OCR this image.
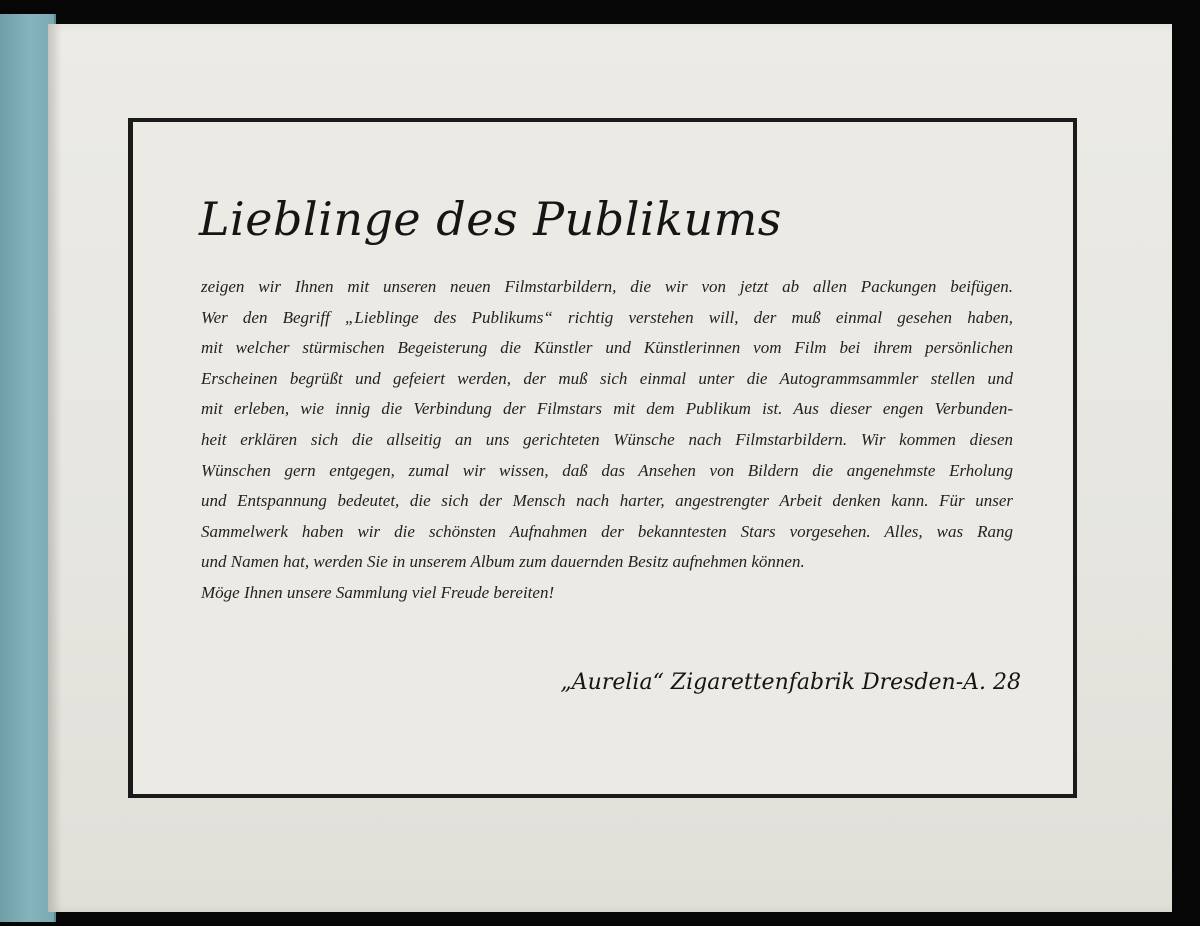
Lieblinge des Publikums
zeigen wir Ihnen mit unseren neuen Filmstarbildern, die wir von jetzt ab allen Packungen beifügen.
Wer den Begriff „Lieblinge des Publikums“ richtig verstehen will, der muß einmal gesehen haben,
mit welcher stürmischen Begeisterung die Künstler und Künstlerinnen vom Film bei ihrem persönlichen
Erscheinen begrüßt und gefeiert werden, der muß sich einmal unter die Autogrammsammler stellen und
mit erleben, wie innig die Verbindung der Filmstars mit dem Publikum ist. Aus dieser engen Verbunden-
heit erklären sich die allseitig an uns gerichteten Wünsche nach Filmstarbildern. Wir kommen diesen
Wünschen gern entgegen, zumal wir wissen, daß das Ansehen von Bildern die angenehmste Erholung
und Entspannung bedeutet, die sich der Mensch nach harter, angestrengter Arbeit denken kann. Für unser
Sammelwerk haben wir die schönsten Aufnahmen der bekanntesten Stars vorgesehen. Alles, was Rang
und Namen hat, werden Sie in unserem Album zum dauernden Besitz aufnehmen können.
Möge Ihnen unsere Sammlung viel Freude bereiten!
„Aurelia“ Zigarettenfabrik Dresden-A. 28
